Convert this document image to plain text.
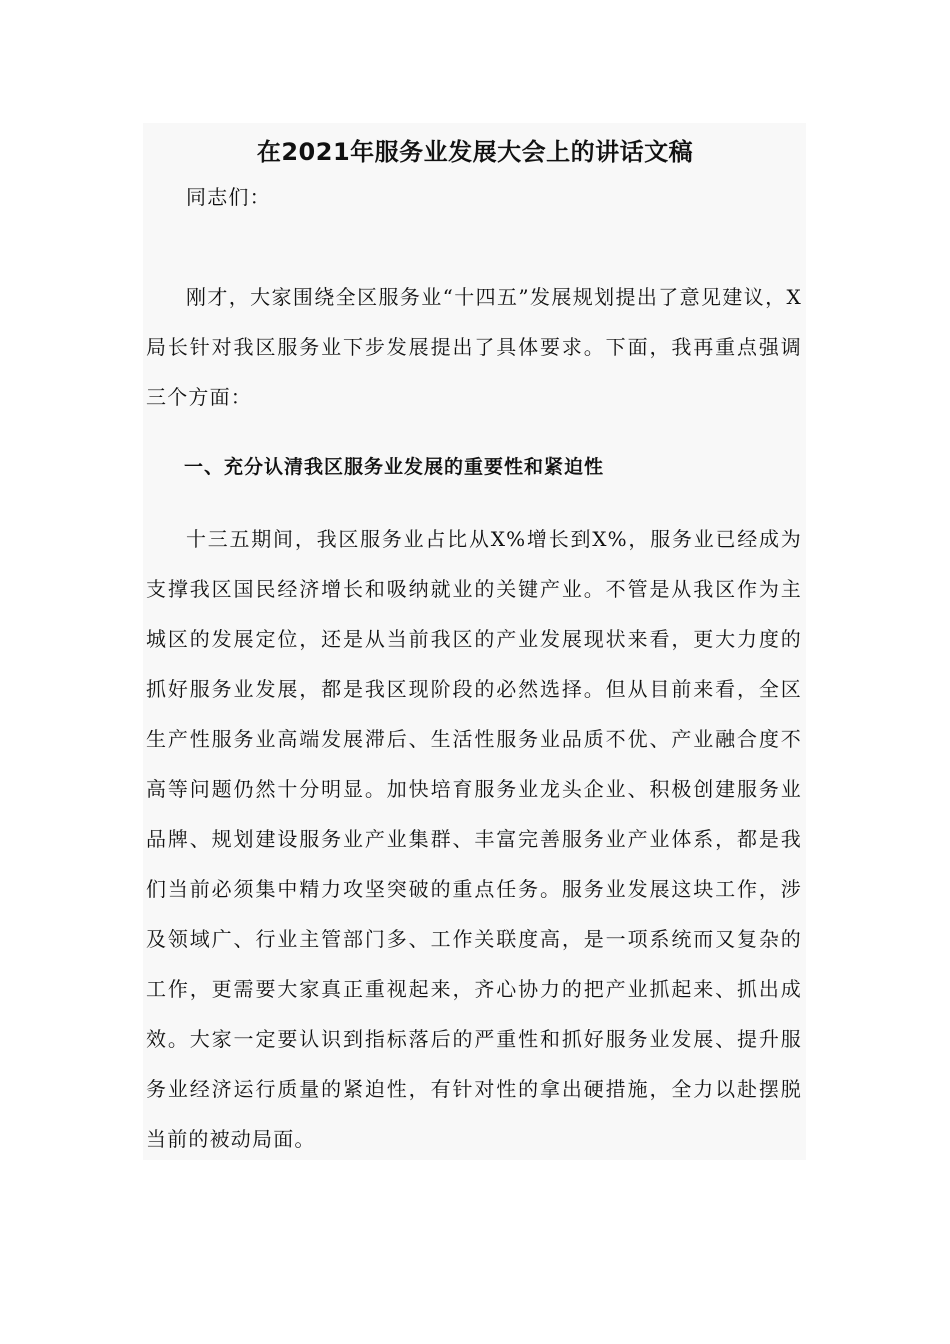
在2021年服务业发展大会上的讲话文稿

同志们：

刚才，大家围绕全区服务业“十四五”发展规划提出了意见建议，X局长针对我区服务业下步发展提出了具体要求。下面，我再重点强调三个方面：

一、充分认清我区服务业发展的重要性和紧迫性

十三五期间，我区服务业占比从X%增长到X%，服务业已经成为支撑我区国民经济增长和吸纳就业的关键产业。不管是从我区作为主城区的发展定位，还是从当前我区的产业发展现状来看，更大力度的抓好服务业发展，都是我区现阶段的必然选择。但从目前来看，全区生产性服务业高端发展滞后、生活性服务业品质不优、产业融合度不高等问题仍然十分明显。加快培育服务业龙头企业、积极创建服务业品牌、规划建设服务业产业集群、丰富完善服务业产业体系，都是我们当前必须集中精力攻坚突破的重点任务。服务业发展这块工作，涉及领域广、行业主管部门多、工作关联度高，是一项系统而又复杂的工作，更需要大家真正重视起来，齐心协力的把产业抓起来、抓出成效。大家一定要认识到指标落后的严重性和抓好服务业发展、提升服务业经济运行质量的紧迫性，有针对性的拿出硬措施，全力以赴摆脱当前的被动局面。
